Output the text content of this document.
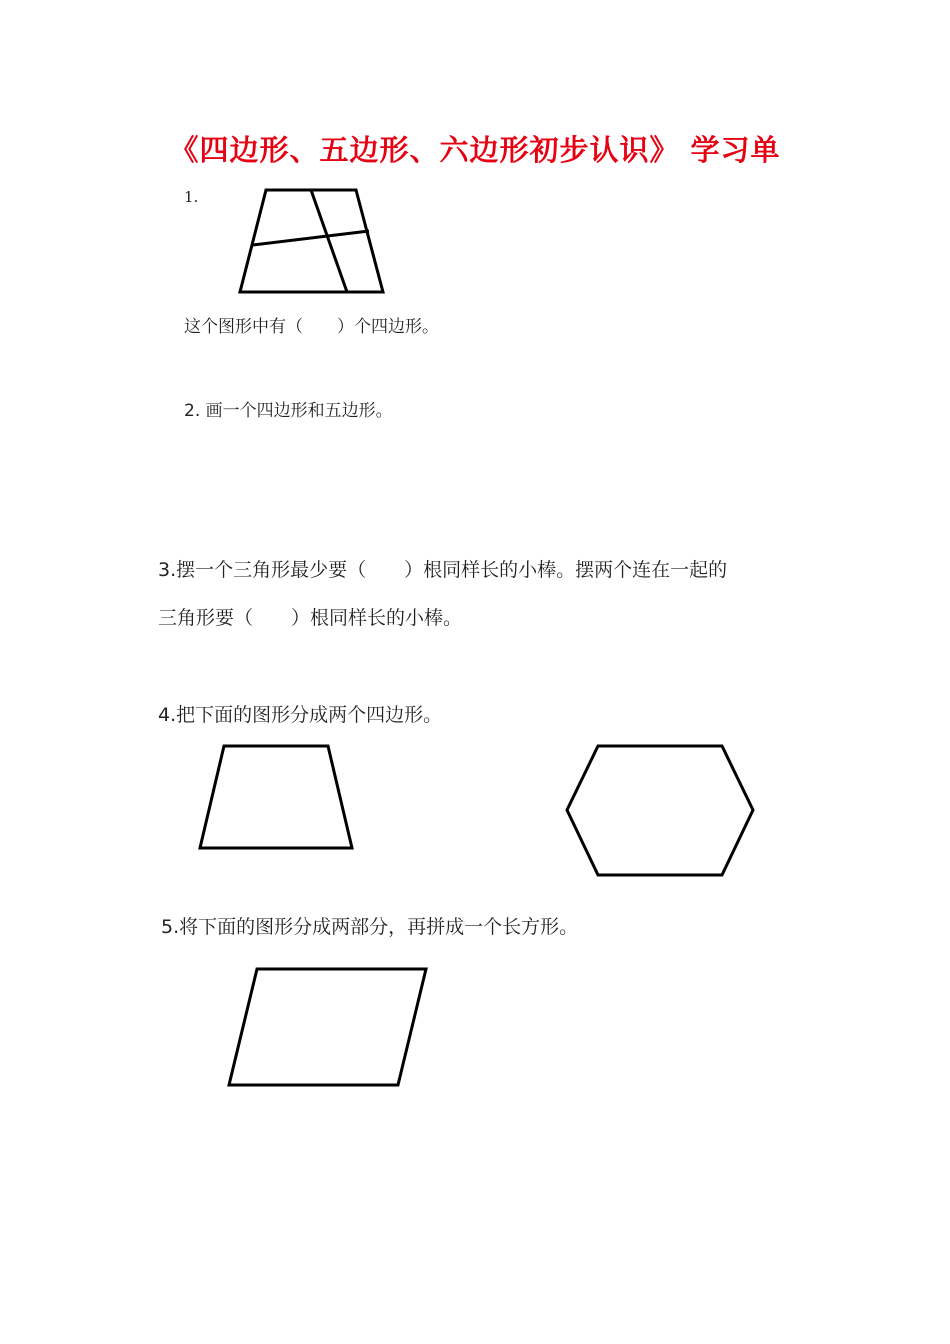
《四边形、五边形、六边形初步认识》 学习单
1.
这个图形中有（　　）个四边形。
2. 画一个四边形和五边形。
3.摆一个三角形最少要（　　）根同样长的小棒。摆两个连在一起的
三角形要（　　）根同样长的小棒。
4.把下面的图形分成两个四边形。
5.将下面的图形分成两部分，再拼成一个长方形。
